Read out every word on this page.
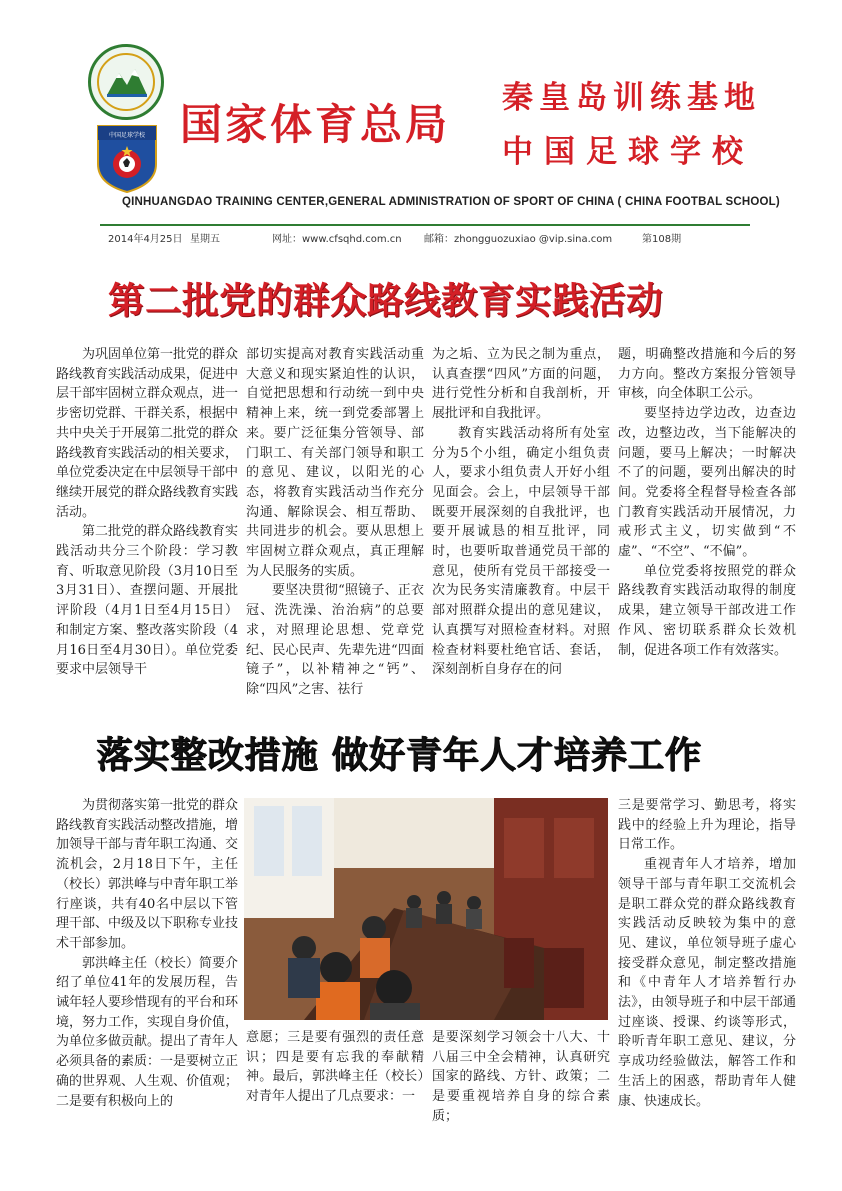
中国足球学校 国家体育总局
秦皇岛训练基地
中国足球学校
QINHUANGDAO TRAINING CENTER,GENERAL ADMINISTRATION OF SPORT OF CHINA ( CHINA FOOTBAL SCHOOL)
2014年4月25日 星期五	网址：www.cfsqhd.com.cn 邮箱：zhongguozuxiao @vip.sina.com	第108期
第二批党的群众路线教育实践活动

为巩固单位第一批党的群众路线教育实践活动成果，促进中层干部牢固树立群众观点，进一步密切党群、干群关系，根据中共中央关于开展第二批党的群众路线教育实践活动的相关要求，单位党委决定在中层领导干部中继续开展党的群众路线教育实践活动。

第二批党的群众路线教育实践活动共分三个阶段：学习教育、听取意见阶段（3月10日至3月31日）、查摆问题、开展批评阶段（4月1日至4月15日）和制定方案、整改落实阶段（4月16日至4月30日）。单位党委要求中层领导干

部切实提高对教育实践活动重大意义和现实紧迫性的认识，自觉把思想和行动统一到中央精神上来，统一到党委部署上来。要广泛征集分管领导、部门职工、有关部门领导和职工的意见、建议，以阳光的心态，将教育实践活动当作充分沟通、解除误会、相互帮助、共同进步的机会。要从思想上牢固树立群众观点，真正理解为人民服务的实质。

要坚决贯彻“照镜子、正衣冠、洗洗澡、治治病”的总要求，对照理论思想、党章党纪、民心民声、先辈先进“四面镜子”，以补精神之“钙”、除“四风”之害、祛行

为之垢、立为民之制为重点，认真查摆“四风”方面的问题，进行党性分析和自我剖析，开展批评和自我批评。

教育实践活动将所有处室分为5个小组，确定小组负责人，要求小组负责人开好小组见面会。会上，中层领导干部既要开展深刻的自我批评，也要开展诚恳的相互批评，同时，也要听取普通党员干部的意见，使所有党员干部接受一次为民务实清廉教育。中层干部对照群众提出的意见建议，认真撰写对照检查材料。对照检查材料要杜绝官话、套话，深刻剖析自身存在的问

题，明确整改措施和今后的努力方向。整改方案报分管领导审核，向全体职工公示。

要坚持边学边改，边查边改，边整边改，当下能解决的问题，要马上解决；一时解决不了的问题，要列出解决的时间。党委将全程督导检查各部门教育实践活动开展情况，力戒形式主义，切实做到“不虚”、“不空”、“不偏”。

单位党委将按照党的群众路线教育实践活动取得的制度成果，建立领导干部改进工作作风、密切联系群众长效机制，促进各项工作有效落实。

落实整改措施 做好青年人才培养工作

为贯彻落实第一批党的群众路线教育实践活动整改措施，增加领导干部与青年职工沟通、交流机会，2月18日下午，主任（校长）郭洪峰与中青年职工举行座谈，共有40名中层以下管理干部、中级及以下职称专业技术干部参加。

郭洪峰主任（校长）简要介绍了单位41年的发展历程，告诫年轻人要珍惜现有的平台和环境，努力工作，实现自身价值，为单位多做贡献。提出了青年人必须具备的素质：一是要树立正确的世界观、人生观、价值观；二是要有积极向上的

意愿；三是要有强烈的责任意识；四是要有忘我的奉献精神。最后，郭洪峰主任（校长）对青年人提出了几点要求：一

是要深刻学习领会十八大、十八届三中全会精神，认真研究国家的路线、方针、政策；二是要重视培养自身的综合素质；

三是要常学习、勤思考，将实践中的经验上升为理论，指导日常工作。

重视青年人才培养，增加领导干部与青年职工交流机会是职工群众党的群众路线教育实践活动反映较为集中的意见、建议，单位领导班子虚心接受群众意见，制定整改措施和《中青年人才培养暂行办法》，由领导班子和中层干部通过座谈、授课、约谈等形式，聆听青年职工意见、建议，分享成功经验做法，解答工作和生活上的困惑，帮助青年人健康、快速成长。
